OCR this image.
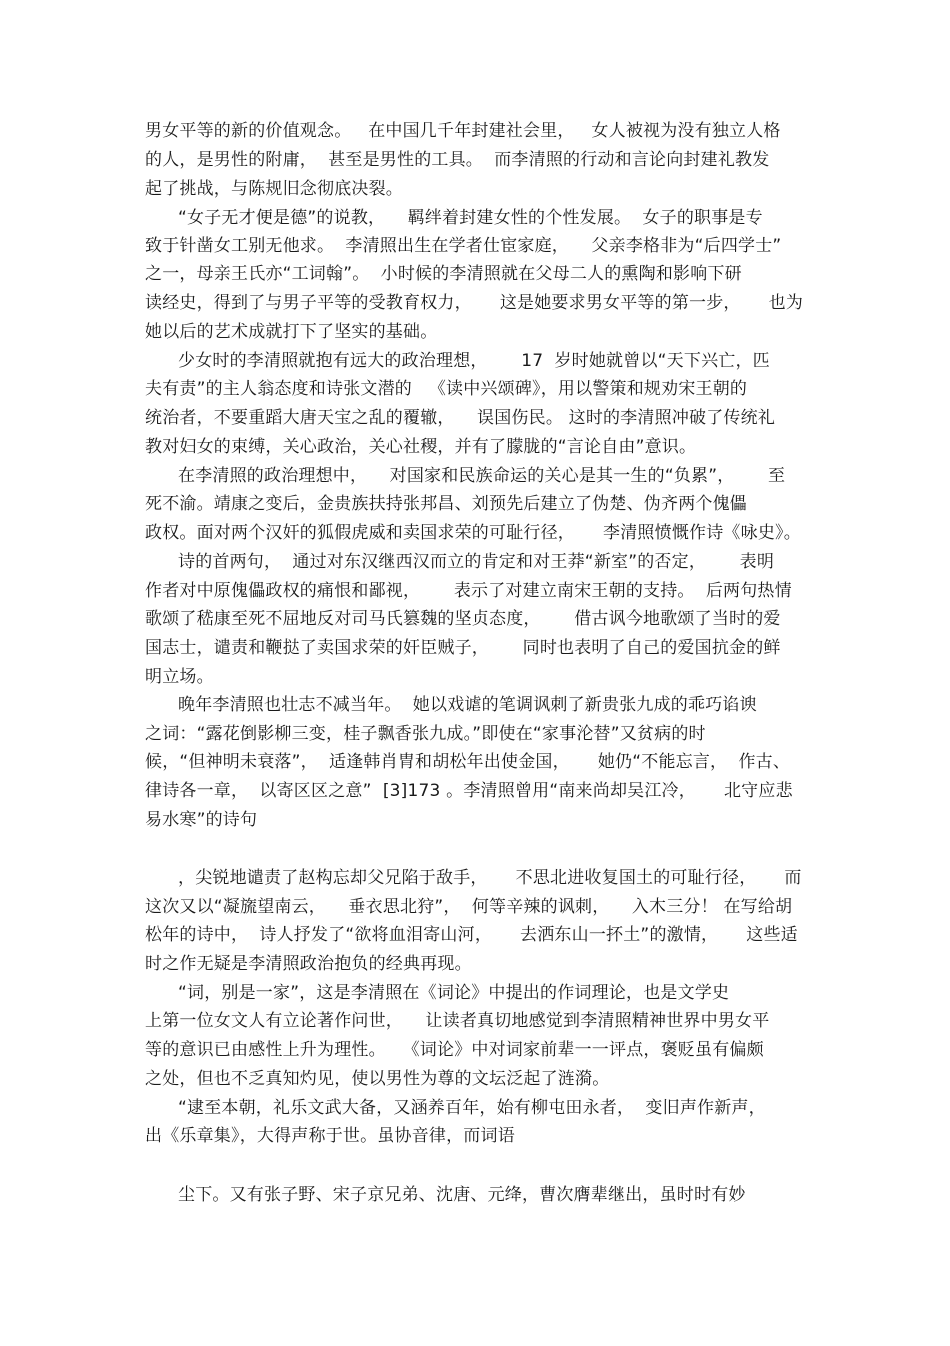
男女平等的新的价值观念。   在中国几千年封建社会里，   女人被视为没有独立人格
的人，是男性的附庸，  甚至是男性的工具。  而李清照的行动和言论向封建礼教发
起了挑战，与陈规旧念彻底决裂。
“女子无才便是德”的说教，    羁绊着封建女性的个性发展。  女子的职事是专
致于针凿女工别无他求。  李清照出生在学者仕宦家庭，    父亲李格非为“后四学士”
之一，母亲王氏亦“工词翰”。  小时候的李清照就在父母二人的熏陶和影响下研
读经史，得到了与男子平等的受教育权力，     这是她要求男女平等的第一步，     也为
她以后的艺术成就打下了坚实的基础。
少女时的李清照就抱有远大的政治理想，      17  岁时她就曾以“天下兴亡，匹
夫有责”的主人翁态度和诗张文潜的   《读中兴颂碑》，用以警策和规劝宋王朝的
统治者，不要重蹈大唐天宝之乱的覆辙，    误国伤民。 这时的李清照冲破了传统礼
教对妇女的束缚，关心政治，关心社稷，并有了朦胧的“言论自由”意识。
在李清照的政治理想中，    对国家和民族命运的关心是其一生的“负累”，      至
死不渝。靖康之变后，金贵族扶持张邦昌、刘预先后建立了伪楚、伪齐两个傀儡
政权。面对两个汉奸的狐假虎威和卖国求荣的可耻行径，     李清照愤慨作诗《咏史》。
诗的首两句，  通过对东汉继西汉而立的肯定和对王莽“新室”的否定，      表明
作者对中原傀儡政权的痛恨和鄙视，      表示了对建立南宋王朝的支持。  后两句热情
歌颂了嵇康至死不屈地反对司马氏篡魏的坚贞态度，      借古讽今地歌颂了当时的爱
国志士，谴责和鞭挞了卖国求荣的奸臣贼子，      同时也表明了自己的爱国抗金的鲜
明立场。
晚年李清照也壮志不减当年。  她以戏谑的笔调讽刺了新贵张九成的乖巧谄谀
之词：“露花倒影柳三变，桂子飘香张九成。”即使在“家事沦替”又贫病的时
候，“但神明未衰落”，  适逢韩肖胄和胡松年出使金国，     她仍“不能忘言，  作古、
律诗各一章，  以寄区区之意”  [3]173 。李清照曾用“南来尚却吴江冷，     北守应悲
易水寒”的诗句
，尖锐地谴责了赵构忘却父兄陷于敌手，     不思北进收复国土的可耻行径，     而
这次又以“凝旒望南云，    垂衣思北狩”，  何等辛辣的讽刺，    入木三分！ 在写给胡
松年的诗中，  诗人抒发了“欲将血泪寄山河，     去洒东山一抔土”的激情，     这些适
时之作无疑是李清照政治抱负的经典再现。
“词，别是一家”，这是李清照在《词论》中提出的作词理论，也是文学史
上第一位女文人有立论著作问世，    让读者真切地感觉到李清照精神世界中男女平
等的意识已由感性上升为理性。   《词论》中对词家前辈一一评点，褒贬虽有偏颇
之处，但也不乏真知灼见，使以男性为尊的文坛泛起了涟漪。
“逮至本朝，礼乐文武大备，又涵养百年，始有柳屯田永者，  变旧声作新声，
出《乐章集》，大得声称于世。虽协音律，而词语
尘下。又有张子野、宋子京兄弟、沈唐、元绛，曹次膺辈继出，虽时时有妙
